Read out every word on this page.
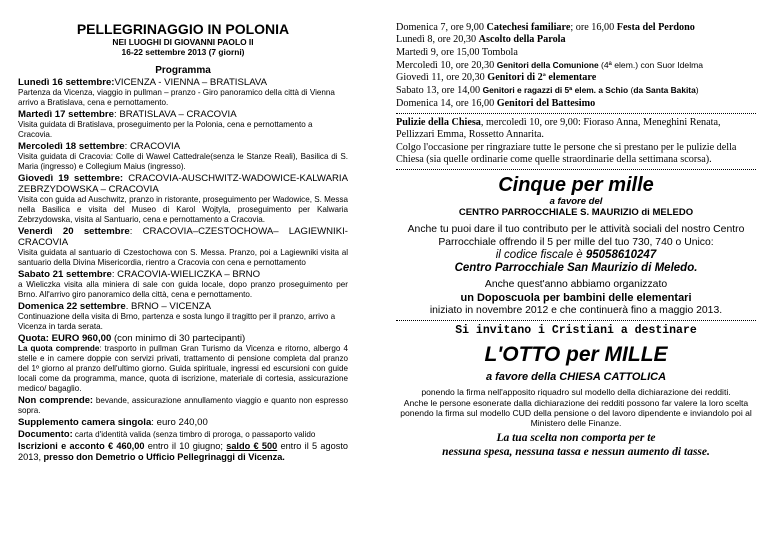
PELLEGRINAGGIO IN POLONIA
NEI LUOGHI DI GIOVANNI PAOLO II
16-22 settembre 2013 (7 giorni)
Programma
Lunedì 16 settembre:VICENZA - VIENNA – BRATISLAVA
Partenza da Vicenza, viaggio in pullman – pranzo - Giro panoramico della città di Vienna arrivo a Bratislava, cena e pernottamento.
Martedì 17 settembre: BRATISLAVA – CRACOVIA
Visita guidata di Bratislava, proseguimento per la Polonia, cena e pernottamento a Cracovia.
Mercoledì 18 settembre: CRACOVIA
Visita guidata di Cracovia: Colle di Wawel Cattedrale(senza le Stanze Reali), Basilica di S. Maria (ingresso) e Collegium Maius (ingresso).
Giovedì 19 settembre: CRACOVIA-AUSCHWITZ-WADOWICE-KALWARIA ZEBRZYDOWSKA – CRACOVIA
Visita con guida ad Auschwitz, pranzo in ristorante, proseguimento per Wadowice, S. Messa nella Basilica e visita del Museo di Karol Wojtyla, proseguimento per Kalwaria Zebrzydowska, visita al Santuario, cena e pernottamento a Cracovia.
Venerdì 20 settembre: CRACOVIA–CZESTOCHOWA– LAGIEWNIKI-CRACOVIA
Visita guidata al santuario di Czestochowa con S. Messa. Pranzo, poi a Lagiewniki visita al santuario della Divina Misericordia, rientro a Cracovia con cena e pernottamento
Sabato 21 settembre: CRACOVIA-WIELICZKA – BRNO
a Wieliczka visita alla miniera di sale con guida locale, dopo pranzo proseguimento per Brno. All'arrivo giro panoramico della città, cena e pernottamento.
Domenica 22 settembre. BRNO – VICENZA
Continuazione della visita di Brno, partenza e sosta lungo il tragitto per il pranzo, arrivo a Vicenza in tarda serata.
Quota: EURO 960,00 (con minimo di 30 partecipanti)
La quota comprende: trasporto in pullman Gran Turismo da Vicenza e ritorno, albergo 4 stelle e in camere doppie con servizi privati, trattamento di pensione completa dal pranzo del 1º giorno al pranzo dell'ultimo giorno. Guida spirituale, ingressi ed escursioni con guide locali come da programma, mance, quota di iscrizione, materiale di cortesia, assicurazione medico/ bagaglio.
Non comprende: bevande, assicurazione annullamento viaggio e quanto non espresso sopra.
Supplemento camera singola: euro 240,00
Documento: carta d'identità valida (senza timbro di proroga, o passaporto valido
Iscrizioni e acconto € 460,00 entro il 10 giugno; saldo € 500 entro il 5 agosto 2013, presso don Demetrio o Ufficio Pellegrinaggi di Vicenza.
Domenica 7, ore 9,00 Catechesi familiare; ore 16,00 Festa del Perdono
Lunedì 8, ore 20,30 Ascolto della Parola
Martedì 9, ore 15,00 Tombola
Mercoledì 10, ore 20,30 Genitori della Comunione (4ª elem.) con Suor Idelma
Giovedì 11, ore 20,30 Genitori di 2ª elementare
Sabato 13, ore 14,00 Genitori e ragazzi di 5ª elem. a Schio (da Santa Bakita)
Domenica 14, ore 16,00 Genitori del Battesimo
Pulizie della Chiesa, mercoledì 10, ore 9,00: Fioraso Anna, Meneghini Renata, Pellizzari Emma, Rossetto Annarita.
Colgo l'occasione per ringraziare tutte le persone che si prestano per le pulizie della Chiesa (sia quelle ordinarie come quelle straordinarie della settimana scorsa).
Cinque per mille
a favore del
CENTRO PARROCCHIALE S. MAURIZIO di MELEDO
Anche tu puoi dare il tuo contributo per le attività sociali del nostro Centro Parrocchiale offrendo il 5 per mille del tuo 730, 740 o Unico:
il codice fiscale è 95058610247
Centro Parrocchiale San Maurizio di Meledo.
Anche quest'anno abbiamo organizzato
un Doposcuola per bambini delle elementari
iniziato in novembre 2012 e che continuerà fino a maggio 2013.
Si invitano i Cristiani a destinare
L'OTTO per MILLE
a favore della CHIESA CATTOLICA
ponendo la firma nell'apposito riquadro sul modello della dichiarazione dei redditi.
Anche le persone esonerate dalla dichiarazione dei redditi possono far valere la loro scelta ponendo la firma sul modello CUD della pensione o del lavoro dipendente e inviandolo poi al Ministero delle Finanze.
La tua scelta non comporta per te
nessuna spesa, nessuna tassa e nessun aumento di tasse.
